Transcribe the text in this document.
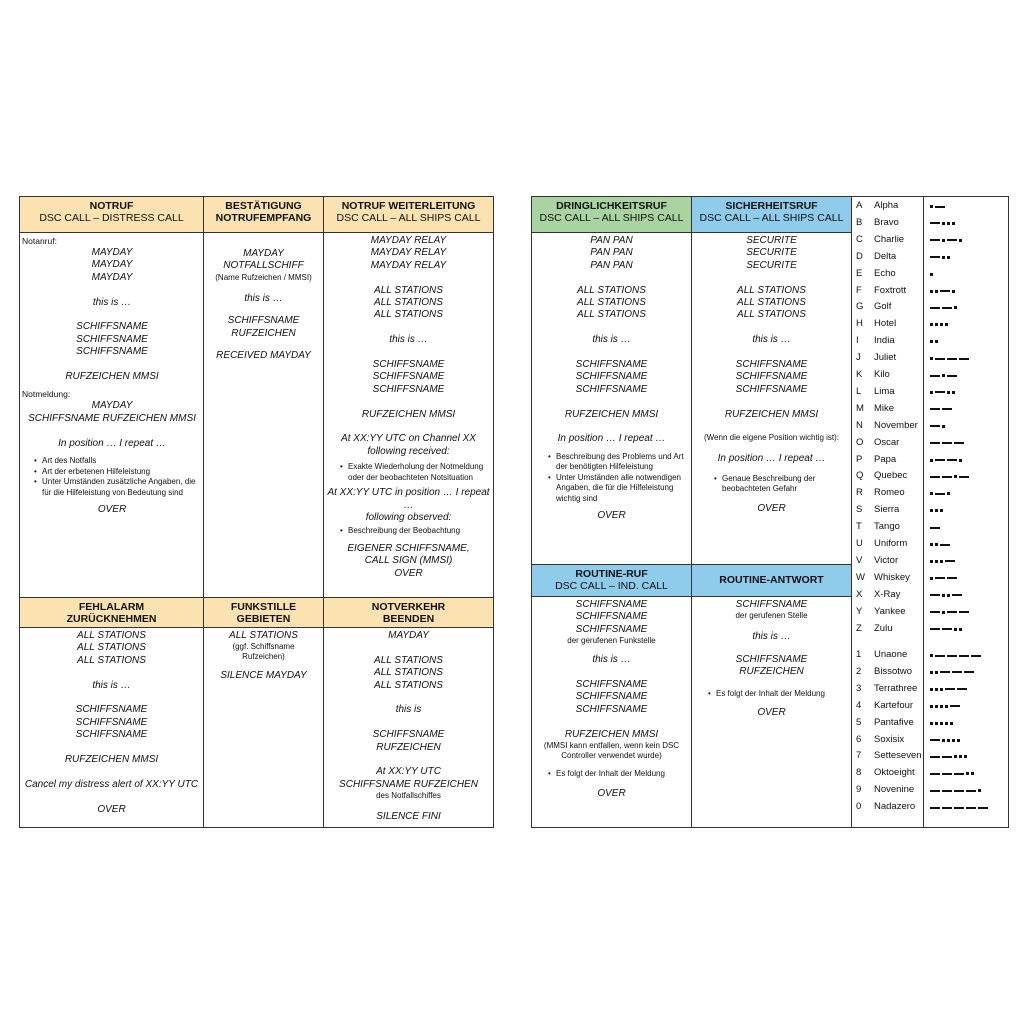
NOTRUF
DSC CALL – DISTRESS CALL
Notanruf:
MAYDAY
MAYDAY
MAYDAY
this is …
SCHIFFSNAME
SCHIFFSNAME
SCHIFFSNAME
RUFZEICHEN MMSI
Notmeldung:
MAYDAY
SCHIFFSNAME RUFZEICHEN MMSI
In position … I repeat …
• Art des Notfalls
• Art der erbetenen Hilfeleistung
• Unter Umständen zusätzliche Angaben, die für die Hilfeleistung von Bedeutung sind
OVER
BESTÄTIGUNG
NOTRUFEMPFANG
MAYDAY
NOTFALLSCHIFF
(Name Rufzeichen / MMSI)
this is …
SCHIFFSNAME
RUFZEICHEN
RECEIVED MAYDAY
NOTRUF WEITERLEITUNG
DSC CALL – ALL SHIPS CALL
MAYDAY RELAY
MAYDAY RELAY
MAYDAY RELAY
ALL STATIONS
ALL STATIONS
ALL STATIONS
this is …
SCHIFFSNAME
SCHIFFSNAME
SCHIFFSNAME
RUFZEICHEN MMSI
At XX:YY UTC on Channel XX
following received:
• Exakte Wiederholung der Notmeldung oder der beobachteten Notsituation
At XX:YY UTC in position … I repeat …
following observed:
• Beschreibung der Beobachtung
EIGENER SCHIFFSNAME,
CALL SIGN (MMSI)
OVER
FEHLALARM
ZURÜCKNEHMEN
ALL STATIONS
ALL STATIONS
ALL STATIONS
this is …
SCHIFFSNAME
SCHIFFSNAME
SCHIFFSNAME
RUFZEICHEN MMSI
Cancel my distress alert of XX:YY UTC
OVER
FUNKSTILLE
GEBIETEN
ALL STATIONS
(ggf. Schiffsname Rufzeichen)
SILENCE MAYDAY
NOTVERKEHR
BEENDEN
MAYDAY
ALL STATIONS
ALL STATIONS
ALL STATIONS
this is
SCHIFFSNAME
RUFZEICHEN
At XX:YY UTC
SCHIFFSNAME RUFZEICHEN
des Notfallschiffes
SILENCE FINI
DRINGLICHKEITSRUF
DSC CALL – ALL SHIPS CALL
PAN PAN
PAN PAN
PAN PAN
ALL STATIONS
ALL STATIONS
ALL STATIONS
this is …
SCHIFFSNAME
SCHIFFSNAME
SCHIFFSNAME
RUFZEICHEN MMSI
In position … I repeat …
• Beschreibung des Problems und Art der benötigten Hilfeleistung
• Unter Umständen alle notwendigen Angaben, die für die Hilfeleistung wichtig sind
OVER
SICHERHEITSRUF
DSC CALL – ALL SHIPS CALL
SECURITE
SECURITE
SECURITE
ALL STATIONS
ALL STATIONS
ALL STATIONS
this is …
SCHIFFSNAME
SCHIFFSNAME
SCHIFFSNAME
RUFZEICHEN MMSI
(Wenn die eigene Position wichtig ist):
In position … I repeat …
• Genaue Beschreibung der beobachteten Gefahr
OVER
ROUTINE-RUF
DSC CALL – IND. CALL
SCHIFFSNAME
SCHIFFSNAME
SCHIFFSNAME
der gerufenen Funkstelle
this is …
SCHIFFSNAME
SCHIFFSNAME
SCHIFFSNAME
RUFZEICHEN MMSI
(MMSI kann entfallen, wenn kein DSC Controller verwendet wurde)
• Es folgt der Inhalt der Meldung
OVER
ROUTINE-ANTWORT
SCHIFFSNAME
der gerufenen Stelle
this is …
SCHIFFSNAME
RUFZEICHEN
• Es folgt der Inhalt der Meldung
OVER
A Alpha
B Bravo
C Charlie
D Delta
E Echo
F Foxtrott
G Golf
H Hotel
I India
J Juliet
K Kilo
L Lima
M Mike
N November
O Oscar
P Papa
Q Quebec
R Romeo
S Sierra
T Tango
U Uniform
V Victor
W Whiskey
X X-Ray
Y Yankee
Z Zulu
1 Unaone
2 Bissotwo
3 Terrathree
4 Kartefour
5 Pantafive
6 Soxisix
7 Setteseven
8 Oktoeight
9 Novenine
0 Nadazero
